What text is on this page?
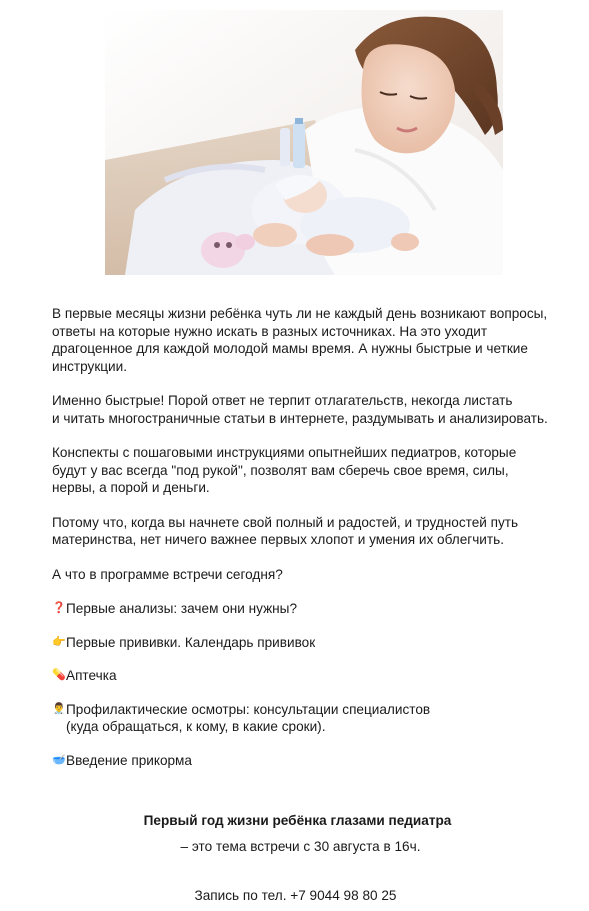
В первые месяцы жизни ребёнка чуть ли не каждый день возникают вопросы,
ответы на которые нужно искать в разных источниках. На это уходит
драгоценное для каждой молодой мамы время. А нужны быстрые и четкие
инструкции.

Именно быстрые! Порой ответ не терпит отлагательств, некогда листать
и читать многостраничные статьи в интернете, раздумывать и анализировать.

Конспекты с пошаговыми инструкциями опытнейших педиатров, которые
будут у вас всегда "под рукой", позволят вам сберечь свое время, силы,
нервы, а порой и деньги.

Потому что, когда вы начнете свой полный и радостей, и трудностей путь
материнства, нет ничего важнее первых хлопот и умения их облегчить.

А что в программе встречи сегодня?

❓ Первые анализы: зачем они нужны?
👉 Первые прививки. Календарь прививок
💊 Аптечка
👨‍⚕️ Профилактические осмотры: консультации специалистов
(куда обращаться, к кому, в какие сроки).
🥣 Введение прикорма
Первый год жизни ребёнка глазами педиатра
– это тема встречи с 30 августа в 16ч.
Запись по тел. +7 9044 98 80 25
